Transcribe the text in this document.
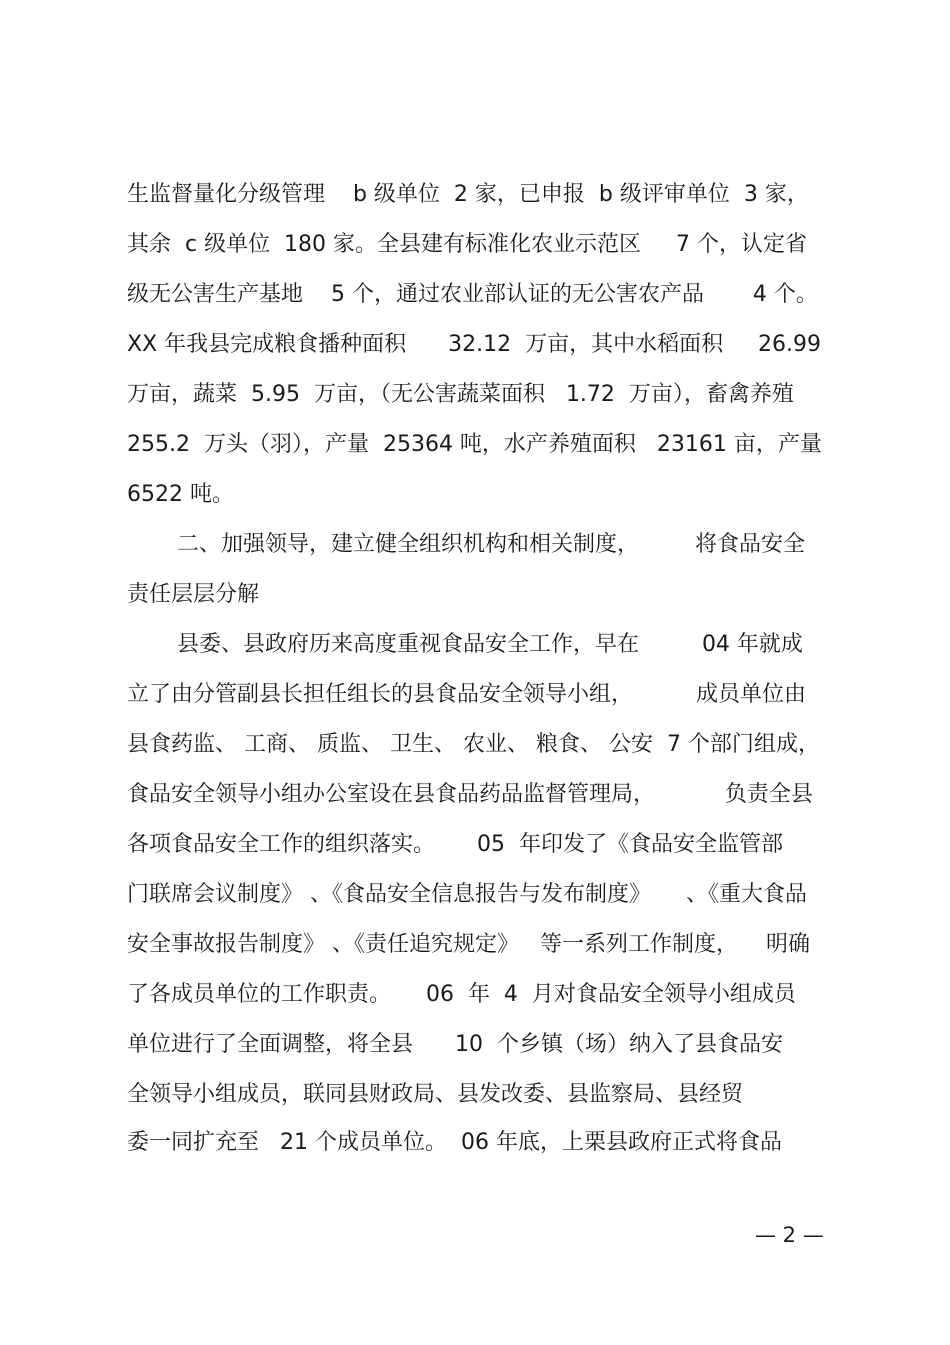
生监督量化分级管理    b 级单位  2 家，已申报  b 级评审单位  3 家，
其余  c 级单位  180 家。全县建有标准化农业示范区     7 个，认定省
级无公害生产基地    5 个，通过农业部认证的无公害农产品       4 个。
XX 年我县完成粮食播种面积      32.12  万亩，其中水稻面积     26.99
万亩，蔬菜  5.95  万亩，（无公害蔬菜面积   1.72  万亩），畜禽养殖
255.2  万头（羽），产量  25364 吨，水产养殖面积   23161 亩，产量
6522 吨。
二、加强领导，建立健全组织机构和相关制度，        将食品安全
责任层层分解
县委、县政府历来高度重视食品安全工作，早在         04 年就成
立了由分管副县长担任组长的县食品安全领导小组，         成员单位由
县食药监、 工商、 质监、 卫生、 农业、 粮食、 公安  7 个部门组成，
食品安全领导小组办公室设在县食品药品监督管理局，          负责全县
各项食品安全工作的组织落实。      05  年印发了《食品安全监管部
门联席会议制度》 、《食品安全信息报告与发布制度》     、《重大食品
安全事故报告制度》 、《责任追究规定》   等一系列工作制度，    明确
了各成员单位的工作职责。     06  年  4  月对食品安全领导小组成员
单位进行了全面调整，将全县      10  个乡镇（场）纳入了县食品安
全领导小组成员，联同县财政局、县发改委、县监察局、县经贸
委一同扩充至   21 个成员单位。  06 年底，上栗县政府正式将食品
— 2 —
